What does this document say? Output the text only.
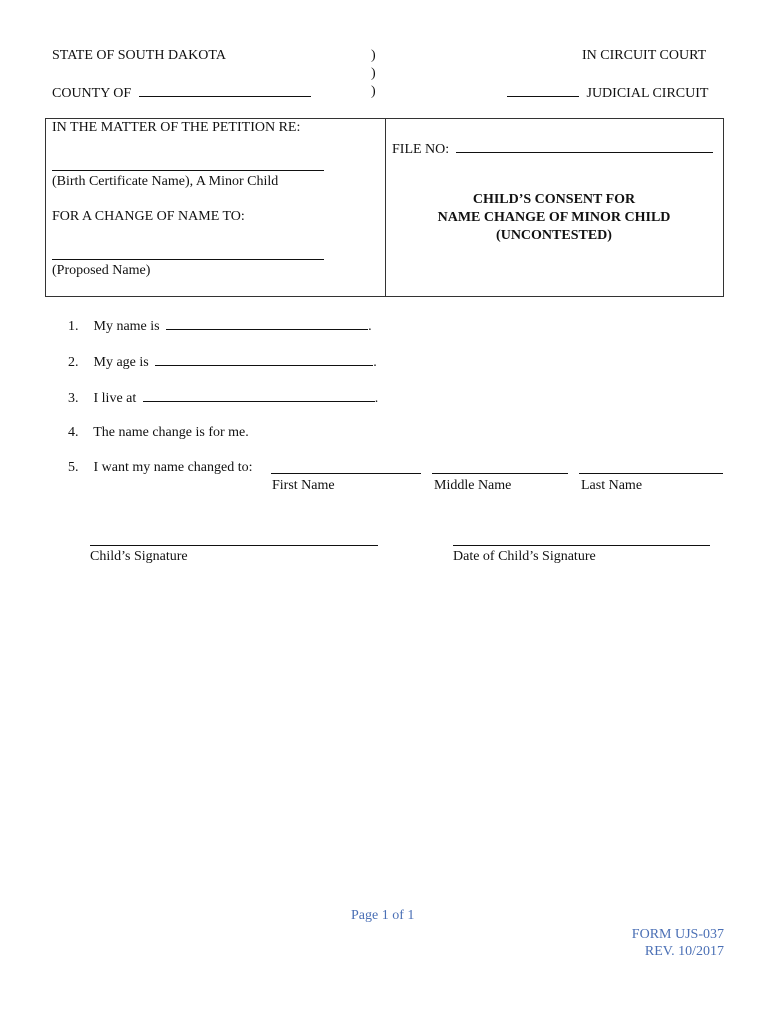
STATE OF SOUTH DAKOTA
COUNTY OF
)
)
)
IN CIRCUIT COURT
JUDICIAL CIRCUIT
IN THE MATTER OF THE PETITION RE:
(Birth Certificate Name), A Minor Child
FOR A CHANGE OF NAME TO:
(Proposed Name)
FILE NO:
CHILD’S CONSENT FOR
NAME CHANGE OF MINOR CHILD
(UNCONTESTED)
1. My name is	.
2. My age is	.
3. I live at	.
4. The name change is for me.
5. I want my name changed to:
First Name	Middle Name	Last Name
Child’s Signature	Date of Child’s Signature
Page 1 of 1
FORM UJS-037
REV. 10/2017
